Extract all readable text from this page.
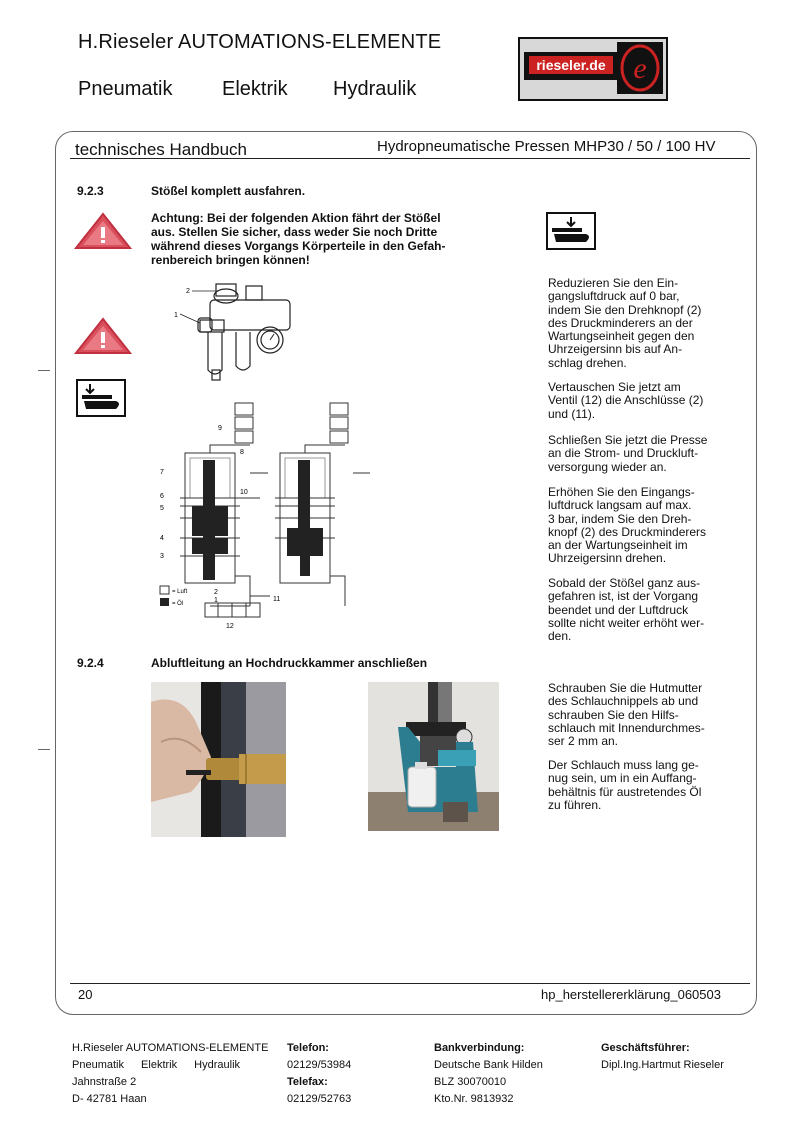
H.Rieseler AUTOMATIONS-ELEMENTE
Pneumatik Elektrik Hydraulik
rieseler.de e
technisches Handbuch	Hydropneumatische Pressen MHP30 / 50 / 100 HV
9.2.3	Stößel komplett ausfahren.
Achtung: Bei der folgenden Aktion fährt der Stößel
aus. Stellen Sie sicher, dass weder Sie noch Dritte
während dieses Vorgangs Körperteile in den Gefah-
renbereich bringen können!
2
1
= Luft
= Öl
9
8
7
6
5
4
3
10
2
1	11
12
Reduzieren Sie den Ein-
gangsluftdruck auf 0 bar,
indem Sie den Drehknopf (2)
des Druckminderers an der
Wartungseinheit gegen den
Uhrzeigersinn bis auf An-
schlag drehen.
Vertauschen Sie jetzt am
Ventil (12) die Anschlüsse (2)
und (11).
Schließen Sie jetzt die Presse
an die Strom- und Druckluft-
versorgung wieder an.
Erhöhen Sie den Eingangs-
luftdruck langsam auf max.
3 bar, indem Sie den Dreh-
knopf (2) des Druckminderers
an der Wartungseinheit im
Uhrzeigersinn drehen.
Sobald der Stößel ganz aus-
gefahren ist, ist der Vorgang
beendet und der Luftdruck
sollte nicht weiter erhöht wer-
den.
9.2.4	Abluftleitung an Hochdruckkammer anschließen
Schrauben Sie die Hutmutter
des Schlauchnippels ab und
schrauben Sie den Hilfs-
schlauch mit Innendurchmes-
ser 2 mm an.
Der Schlauch muss lang ge-
nug sein, um in ein Auffang-
behältnis für austretendes Öl
zu führen.
20	hp_herstellererklärung_060503
H.Rieseler AUTOMATIONS-ELEMENTE
Pneumatik Elektrik Hydraulik
Jahnstraße 2
D- 42781 Haan
Telefon:
02129/53984
Telefax:
02129/52763
Bankverbindung:
Deutsche Bank Hilden
BLZ 30070010
Kto.Nr. 9813932
Geschäftsführer:
Dipl.Ing.Hartmut Rieseler
